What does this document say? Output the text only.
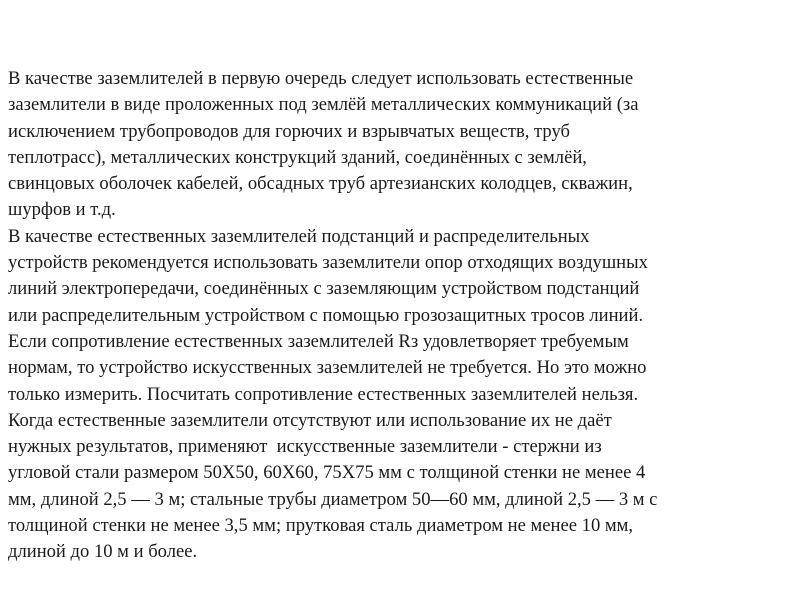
В качестве заземлителей в первую очередь следует использовать естественные
заземлители в виде проложенных под землёй металлических коммуникаций (за
исключением трубопроводов для горючих и взрывчатых веществ, труб
теплотрасс), металлических конструкций зданий, соединённых с землёй,
свинцовых оболочек кабелей, обсадных труб артезианских колодцев, скважин,
шурфов и т.д.
В качестве естественных заземлителей подстанций и распределительных
устройств рекомендуется использовать заземлители опор отходящих воздушных
линий электропередачи, соединённых с заземляющим устройством подстанций
или распределительным устройством с помощью грозозащитных тросов линий.
Если сопротивление естественных заземлителей Rз удовлетворяет требуемым
нормам, то устройство искусственных заземлителей не требуется. Но это можно
только измерить. Посчитать сопротивление естественных заземлителей нельзя.
Когда естественные заземлители отсутствуют или использование их не даёт
нужных результатов, применяют  искусственные заземлители - стержни из
угловой стали размером 50Х50, 60Х60, 75Х75 мм с толщиной стенки не менее 4
мм, длиной 2,5 — 3 м; стальные трубы диаметром 50—60 мм, длиной 2,5 — 3 м с
толщиной стенки не менее 3,5 мм; прутковая сталь диаметром не менее 10 мм,
длиной до 10 м и более.
